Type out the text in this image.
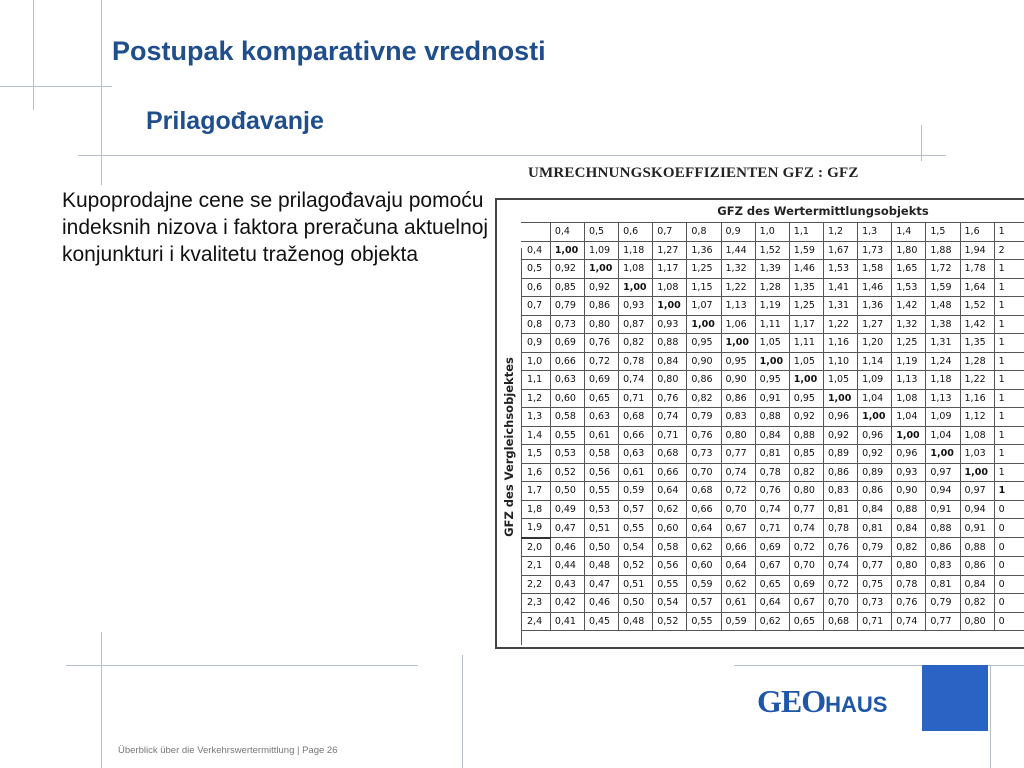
Postupak komparativne vrednosti
Prilagođavanje

Kupoprodajne cene se prilagođavaju pomoću indeksnih nizova i faktora preračuna aktuelnoj konjunkturi i kvalitetu traženog objekta

UMRECHNUNGSKOEFFIZIENTEN GFZ : GFZ
GFZ des Wertermittlungsobjekts
GFZ des Vergleichsobjektes
	0,4	0,5	0,6	0,7	0,8	0,9	1,0	1,1	1,2	1,3	1,4	1,5	1,6	1
0,4	1,00	1,09	1,18	1,27	1,36	1,44	1,52	1,59	1,67	1,73	1,80	1,88	1,94	2
0,5	0,92	1,00	1,08	1,17	1,25	1,32	1,39	1,46	1,53	1,58	1,65	1,72	1,78	1
0,6	0,85	0,92	1,00	1,08	1,15	1,22	1,28	1,35	1,41	1,46	1,53	1,59	1,64	1
0,7	0,79	0,86	0,93	1,00	1,07	1,13	1,19	1,25	1,31	1,36	1,42	1,48	1,52	1
0,8	0,73	0,80	0,87	0,93	1,00	1,06	1,11	1,17	1,22	1,27	1,32	1,38	1,42	1
0,9	0,69	0,76	0,82	0,88	0,95	1,00	1,05	1,11	1,16	1,20	1,25	1,31	1,35	1
1,0	0,66	0,72	0,78	0,84	0,90	0,95	1,00	1,05	1,10	1,14	1,19	1,24	1,28	1
1,1	0,63	0,69	0,74	0,80	0,86	0,90	0,95	1,00	1,05	1,09	1,13	1,18	1,22	1
1,2	0,60	0,65	0,71	0,76	0,82	0,86	0,91	0,95	1,00	1,04	1,08	1,13	1,16	1
1,3	0,58	0,63	0,68	0,74	0,79	0,83	0,88	0,92	0,96	1,00	1,04	1,09	1,12	1
1,4	0,55	0,61	0,66	0,71	0,76	0,80	0,84	0,88	0,92	0,96	1,00	1,04	1,08	1
1,5	0,53	0,58	0,63	0,68	0,73	0,77	0,81	0,85	0,89	0,92	0,96	1,00	1,03	1
1,6	0,52	0,56	0,61	0,66	0,70	0,74	0,78	0,82	0,86	0,89	0,93	0,97	1,00	1
1,7	0,50	0,55	0,59	0,64	0,68	0,72	0,76	0,80	0,83	0,86	0,90	0,94	0,97	1
1,8	0,49	0,53	0,57	0,62	0,66	0,70	0,74	0,77	0,81	0,84	0,88	0,91	0,94	0
1,9	0,47	0,51	0,55	0,60	0,64	0,67	0,71	0,74	0,78	0,81	0,84	0,88	0,91	0
2,0	0,46	0,50	0,54	0,58	0,62	0,66	0,69	0,72	0,76	0,79	0,82	0,86	0,88	0
2,1	0,44	0,48	0,52	0,56	0,60	0,64	0,67	0,70	0,74	0,77	0,80	0,83	0,86	0
2,2	0,43	0,47	0,51	0,55	0,59	0,62	0,65	0,69	0,72	0,75	0,78	0,81	0,84	0
2,3	0,42	0,46	0,50	0,54	0,57	0,61	0,64	0,67	0,70	0,73	0,76	0,79	0,82	0
2,4	0,41	0,45	0,48	0,52	0,55	0,59	0,62	0,65	0,68	0,71	0,74	0,77	0,80	0
GEO HAUS
Überblick über die Verkehrswertermittlung | Page 26
